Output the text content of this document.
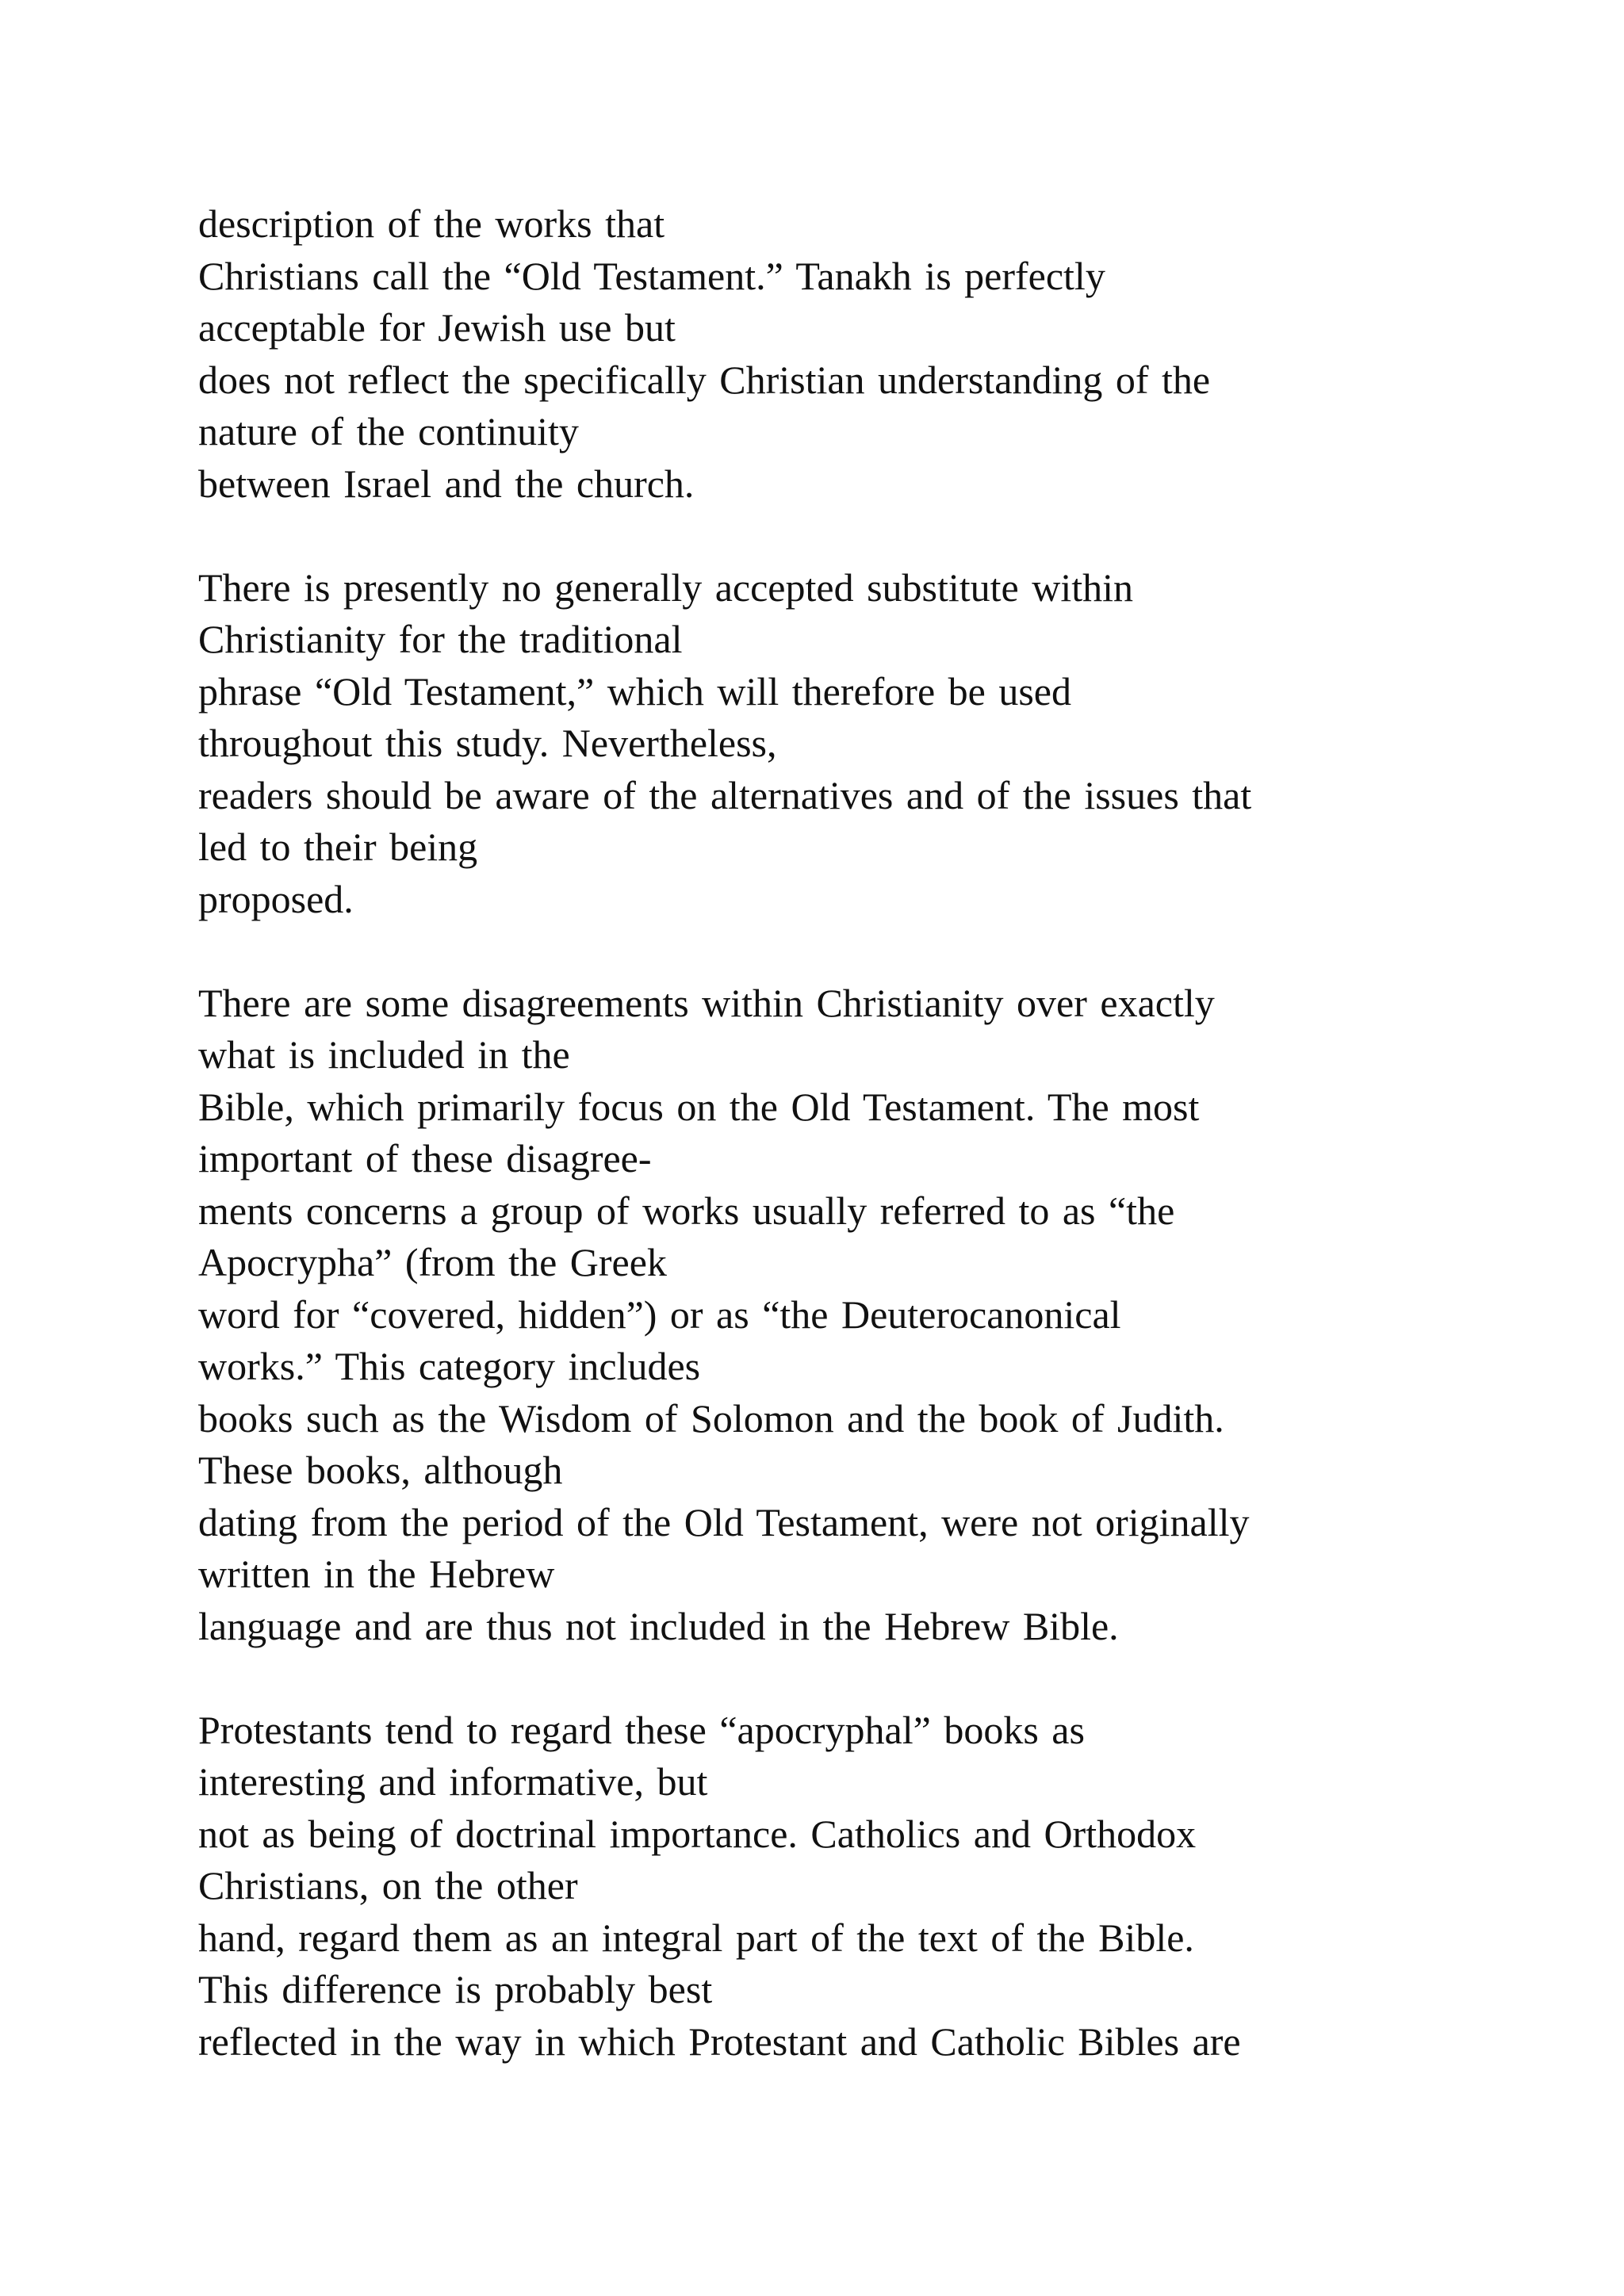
description of the works that
Christians call the “Old Testament.” Tanakh is perfectly
acceptable for Jewish use but
does not reflect the specifically Christian understanding of the
nature of the continuity
between Israel and the church.
There is presently no generally accepted substitute within
Christianity for the traditional
phrase “Old Testament,” which will therefore be used
throughout this study. Nevertheless,
readers should be aware of the alternatives and of the issues that
led to their being
proposed.
There are some disagreements within Christianity over exactly
what is included in the
Bible, which primarily focus on the Old Testament. The most
important of these disagree-
ments concerns a group of works usually referred to as “the
Apocrypha” (from the Greek
word for “covered, hidden”) or as “the Deuterocanonical
works.” This category includes
books such as the Wisdom of Solomon and the book of Judith.
These books, although
dating from the period of the Old Testament, were not originally
written in the Hebrew
language and are thus not included in the Hebrew Bible.
Protestants tend to regard these “apocryphal” books as
interesting and informative, but
not as being of doctrinal importance. Catholics and Orthodox
Christians, on the other
hand, regard them as an integral part of the text of the Bible.
This difference is probably best
reflected in the way in which Protestant and Catholic Bibles are
